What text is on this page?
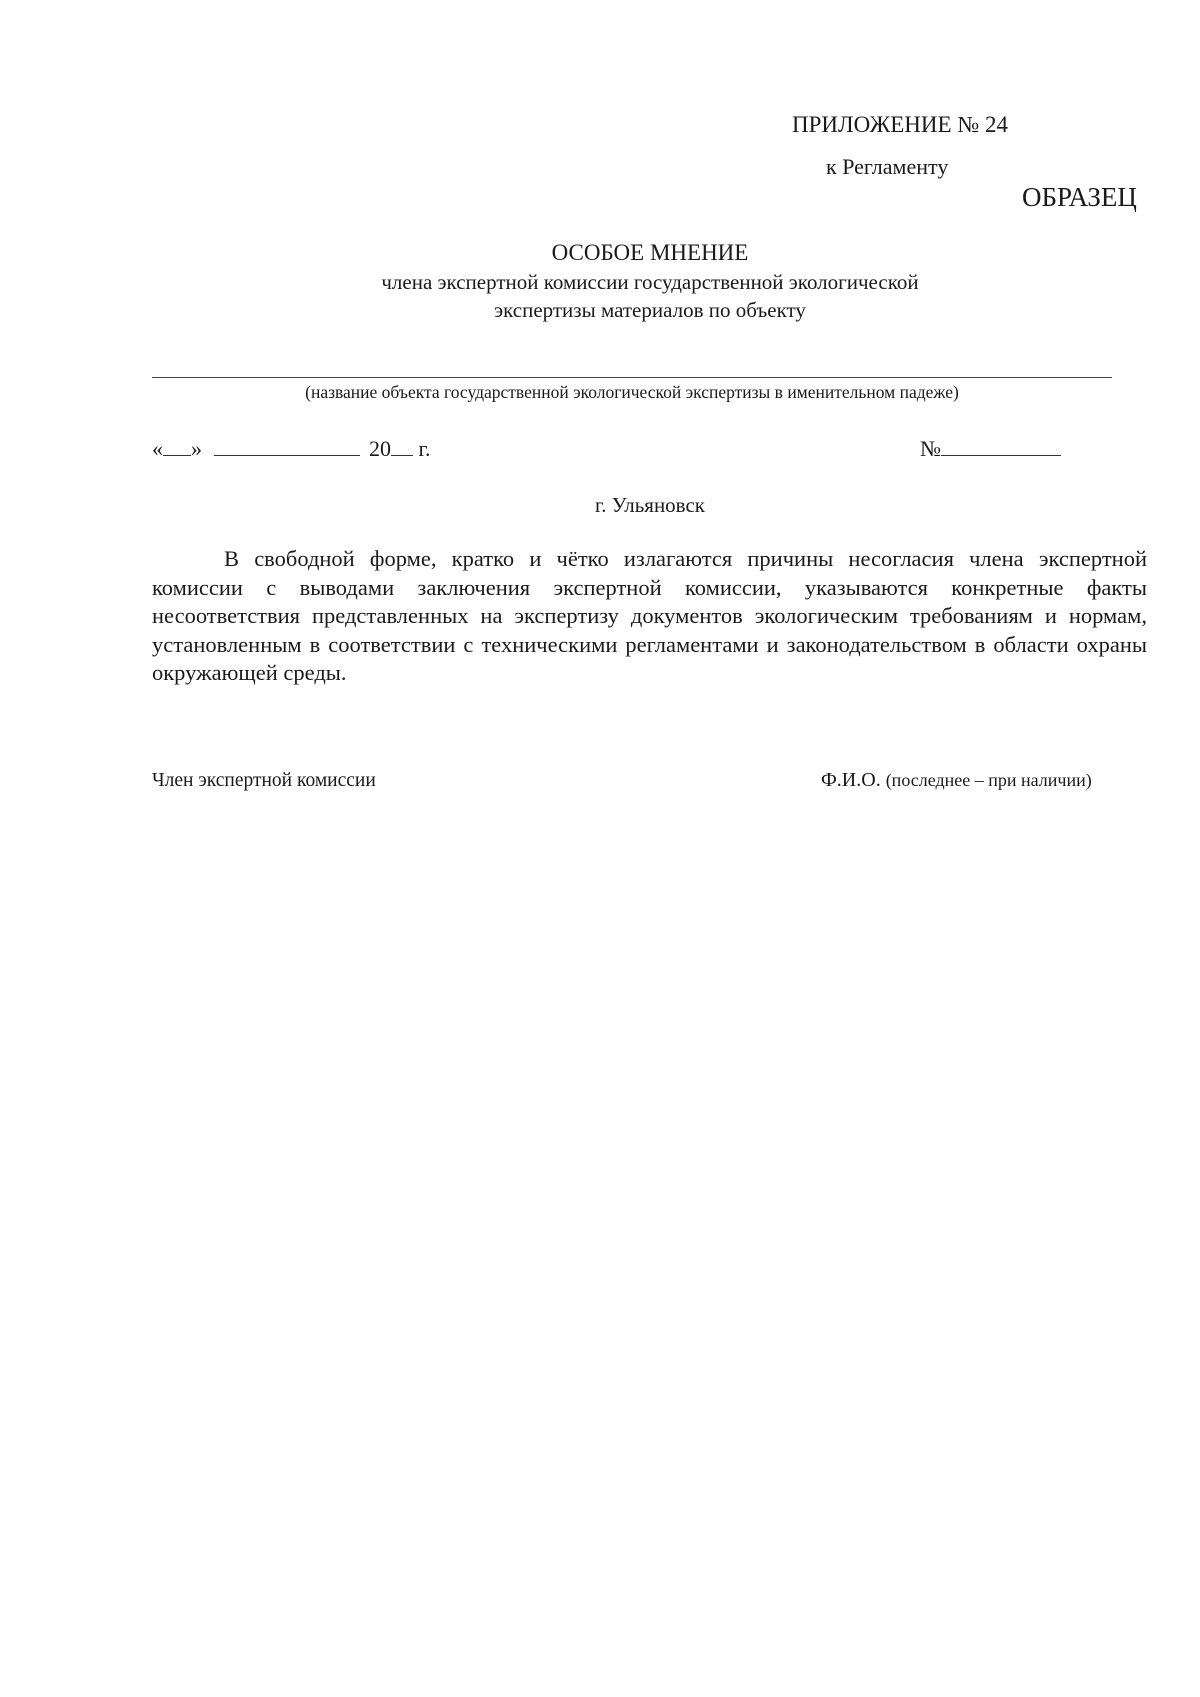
ПРИЛОЖЕНИЕ № 24
к Регламенту
ОБРАЗЕЦ
ОСОБОЕ МНЕНИЕ
члена экспертной комиссии государственной экологической
экспертизы материалов по объекту
(название объекта государственной экологической экспертизы в именительном падеже)
« »	20 г.	№
г. Ульяновск

В свободной форме, кратко и чётко излагаются причины несогласия члена экспертной комиссии с выводами заключения экспертной комиссии, указываются конкретные факты несоответствия представленных на экспертизу документов экологическим требованиям и нормам, установленным в соответствии с техническими регламентами и законодательством в области охраны окружающей среды.

Член экспертной комиссии	Ф.И.О. (последнее – при наличии)
